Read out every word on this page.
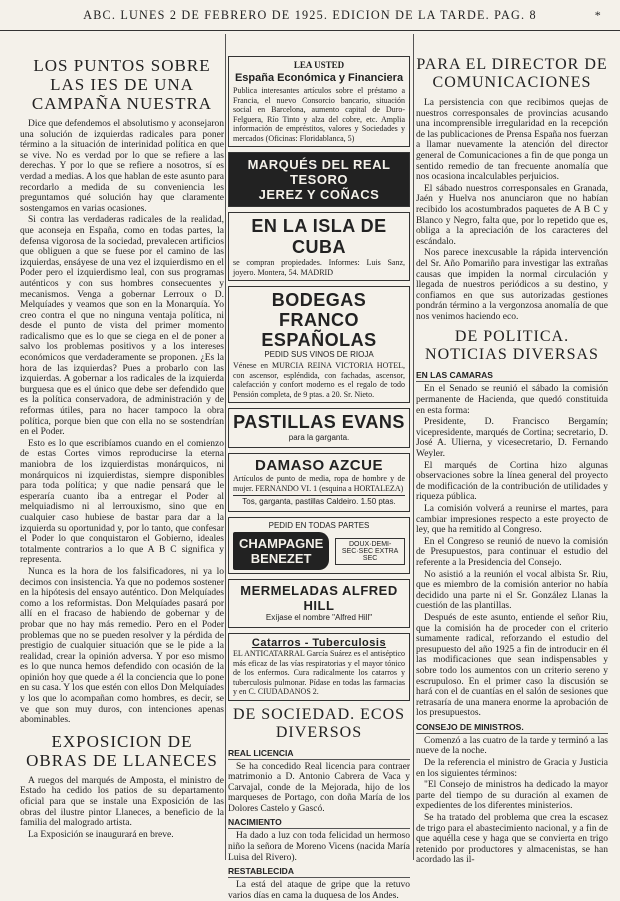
ABC. LUNES 2 DE FEBRERO DE 1925. EDICION DE LA TARDE. PAG. 8	*
LOS PUNTOS SOBRE LAS IES DE UNA CAMPAÑA NUESTRA

Dice que defendemos el absolutismo y aconsejaron una solución de izquierdas radicales para poner término a la situación de interinidad política en que se vive. No es verdad por lo que se refiere a las derechas. Y por lo que se refiere a nosotros, sí es verdad a medias. A los que hablan de este asunto para recordarlo a medida de su conveniencia les preguntamos qué solución hay que claramente sostengamos en varias ocasiones.

Si contra las verdaderas radicales de la realidad, que aconseja en España, como en todas partes, la defensa vigorosa de la sociedad, prevalecen artificios que obliguen a que se fuese por el camino de las izquierdas, ensáyese de una vez el izquierdismo en el Poder pero el izquierdismo leal, con sus programas auténticos y con sus hombres consecuentes y mecanismos. Venga a gobernar Lerroux o D. Melquíades y veamos que son en la Monarquía. Yo creo contra el que no ninguna ventaja política, ni desde el punto de vista del primer momento radicalismo que es lo que se ciega en el de poner a salvo los problemas positivos y a los intereses económicos que verdaderamente se proponen. ¿Es la hora de las izquierdas? Pues a probarlo con las izquierdas. A gobernar a los radicales de la izquierda burguesa que es el único que debe ser defendido que es la política conservadora, de administración y de reformas útiles, para no hacer tampoco la obra política, porque bien que con ella no se sostendrían en el Poder.

Esto es lo que escribíamos cuando en el comienzo de estas Cortes vimos reproducirse la eterna maniobra de los izquierdistas monárquicos, ni monárquicos ni izquierdistas, siempre disponibles para toda política; y que nadie pensará que le esperaría cuanto iba a entregar el Poder al melquiadismo ni al lerrouxismo, sino que en cualquier caso hubiese de bastar para dar a la izquierda su oportunidad y, por lo tanto, que confesar el Poder lo que conquistaron el Gobierno, ideales totalmente contrarios a lo que A B C significa y representa.

Nunca es la hora de los falsificadores, ni ya lo decimos con insistencia. Ya que no podemos sostener en la hipótesis del ensayo auténtico. Don Melquíades como a los reformistas. Don Melquíades pasará por allí en el fracaso de habiendo de gobernar y de probar que no hay más remedio. Pero en el Poder problemas que no se pueden resolver y la pérdida de prestigio de cualquier situación que se le pide a la realidad, crear la opinión adversa. Y por eso mismo es lo que nunca hemos defendido con ocasión de la opinión hoy que quede a él la conciencia que lo pone en su casa. Y los que estén con ellos Don Melquíades y los que lo acompañan como hombres, es decir, se ve que son muy duros, con intenciones apenas abominables.

EXPOSICION DE OBRAS DE LLANECES

A ruegos del marqués de Amposta, el ministro de Estado ha cedido los patios de su departamento oficial para que se instale una Exposición de las obras del ilustre pintor Llaneces, a beneficio de la familia del malogrado artista.

La Exposición se inaugurará en breve.

LEA USTED
España Económica y Financiera
Publica interesantes artículos sobre el préstamo a Francia, el nuevo Consorcio bancario, situación social en Barcelona, aumento capital de Duro-Felguera, Río Tinto y alza del cobre, etc. Amplia información de empréstitos, valores y Sociedades y mercados (Oficinas: Floridablanca, 5)
MARQUÉS DEL REAL TESORO
JEREZ Y COÑACS
EN LA ISLA DE CUBA
se compran propiedades. Informes: Luis Sanz, joyero. Montera, 54. MADRID
BODEGAS
FRANCO ESPAÑOLAS
PEDID SUS VINOS DE RIOJA
Vénese en MURCIA REINA VICTORIA HOTEL, con ascensor, espléndida, con fachadas, ascensor, calefacción y confort moderno es el regalo de todo Pensión completa, de 9 ptas. a 20. Sr. Nieto.
PASTILLAS EVANS
para la garganta.
DAMASO AZCUE
Artículos de punto de media, ropa de hombre y de mujer. FERNANDO VI. 1 (esquina a HORTALEZA)
Tos, garganta, pastillas Caldeiro. 1.50 ptas.
PEDID EN TODAS PARTES
CHAMPAGNE
BENEZET
DOUX·DEMI-SEC·SEC EXTRA SEC
MERMELADAS ALFRED HILL
Exíjase el nombre "Alfred Hill"
Catarros - Tuberculosis
EL ANTICATARRAL García Suárez es el antiséptico más eficaz de las vías respiratorias y el mayor tónico de los enfermos. Cura radicalmente los catarros y tuberculosis pulmonar. Pídase en todas las farmacias y en C. CIUDADANOS 2.
DE SOCIEDAD. ECOS DIVERSOS
REAL LICENCIA

Se ha concedido Real licencia para contraer matrimonio a D. Antonio Cabrera de Vaca y Carvajal, conde de la Mejorada, hijo de los marqueses de Portago, con doña María de los Dolores Castelo y Gascó.

NACIMIENTO

Ha dado a luz con toda felicidad un hermoso niño la señora de Moreno Vicens (nacida María Luisa del Rivero).

RESTABLECIDA

La está del ataque de gripe que la retuvo varios días en cama la duquesa de los Andes.

PARA EL DIRECTOR DE COMUNICACIONES

La persistencia con que recibimos quejas de nuestros corresponsales de provincias acusando una incomprensible irregularidad en la recepción de las publicaciones de Prensa España nos fuerzan a llamar nuevamente la atención del director general de Comunicaciones a fin de que ponga un sentido remedio de tan frecuente anomalía que nos ocasiona incalculables perjuicios.

El sábado nuestros corresponsales en Granada, Jaén y Huelva nos anunciaron que no habían recibido los acostumbrados paquetes de A B C y Blanco y Negro, falta que, por lo repetido que es, obliga a la apreciación de los caracteres del escándalo.

Nos parece inexcusable la rápida intervención del Sr. Año Pomariño para investigar las extrañas causas que impiden la normal circulación y llegada de nuestros periódicos a su destino, y confiamos en que sus autorizadas gestiones pondrán término a la vergonzosa anomalía de que nos venimos haciendo eco.

DE POLITICA. NOTICIAS DIVERSAS
EN LAS CAMARAS

En el Senado se reunió el sábado la comisión permanente de Hacienda, que quedó constituida en esta forma:

Presidente, D. Francisco Bergamín; vicepresidente, marqués de Cortina; secretario, D. José A. Ulierna, y vicesecretario, D. Fernando Weyler.

El marqués de Cortina hizo algunas observaciones sobre la línea general del proyecto de modificación de la contribución de utilidades y riqueza pública.

La comisión volverá a reunirse el martes, para cambiar impresiones respecto a este proyecto de ley, que ha remitido al Congreso.

En el Congreso se reunió de nuevo la comisión de Presupuestos, para continuar el estudio del referente a la Presidencia del Consejo.

No asistió a la reunión el vocal albista Sr. Riu, que es miembro de la comisión anterior no había decidido una parte ni el Sr. González Llanas la cuestión de las plantillas.

Después de este asunto, entiende el señor Riu, que la comisión ha de proceder con el criterio sumamente radical, reforzando el estudio del presupuesto del año 1925 a fin de introducir en él las modificaciones que sean indispensables y sobre todo los aumentos con un criterio sereno y escrupuloso. En el primer caso la discusión se hará con el de cuantías en el salón de sesiones que retrasaría de una manera enorme la aprobación de los presupuestos.

CONSEJO DE MINISTROS.

Comenzó a las cuatro de la tarde y terminó a las nueve de la noche.

De la referencia el ministro de Gracia y Justicia en los siguientes términos:

"El Consejo de ministros ha dedicado la mayor parte del tiempo de su duración al examen de expedientes de los diferentes ministerios.

Se ha tratado del problema que crea la escasez de trigo para el abastecimiento nacional, y a fin de que aquélla cese y haga que se convierta en trigo retenido por productores y almacenistas, se han acordado las il-
